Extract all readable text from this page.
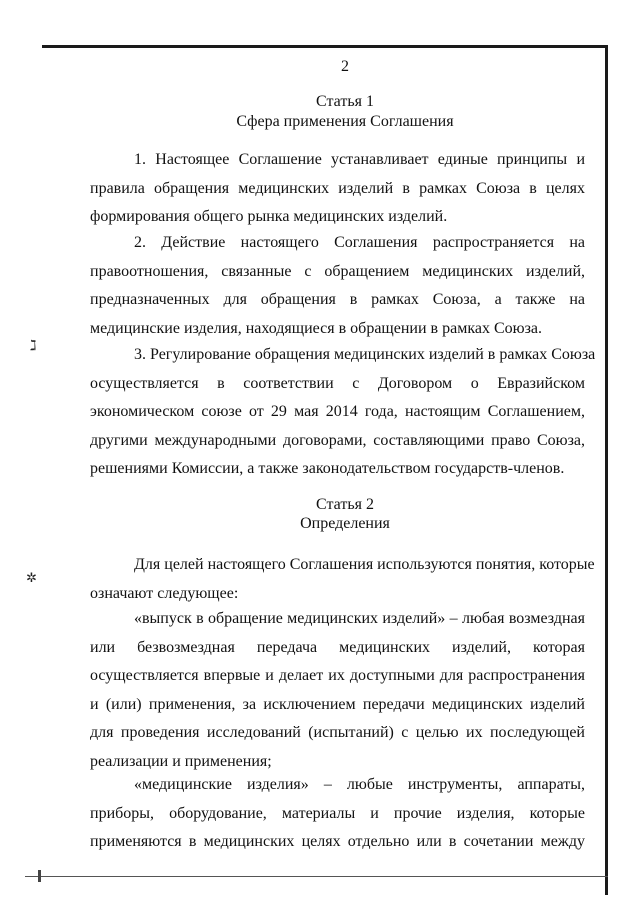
ℷ
✲
2
Статья 1
Сфера применения Соглашения
1. Настоящее Соглашение устанавливает единые принципы и
правила обращения медицинских изделий в рамках Союза в целях
формирования общего рынка медицинских изделий.
2. Действие настоящего Соглашения распространяется на
правоотношения, связанные с обращением медицинских изделий,
предназначенных для обращения в рамках Союза, а также на
медицинские изделия, находящиеся в обращении в рамках Союза.
3. Регулирование обращения медицинских изделий в рамках Союза
осуществляется в соответствии с Договором о Евразийском
экономическом союзе от 29 мая 2014 года, настоящим Соглашением,
другими международными договорами, составляющими право Союза,
решениями Комиссии, а также законодательством государств-членов.
Статья 2
Определения
Для целей настоящего Соглашения используются понятия, которые
означают следующее:
«выпуск в обращение медицинских изделий» – любая возмездная
или безвозмездная передача медицинских изделий, которая
осуществляется впервые и делает их доступными для распространения
и (или) применения, за исключением передачи медицинских изделий
для проведения исследований (испытаний) с целью их последующей
реализации и применения;
«медицинские изделия» – любые инструменты, аппараты,
приборы, оборудование, материалы и прочие изделия, которые
применяются в медицинских целях отдельно или в сочетании между
